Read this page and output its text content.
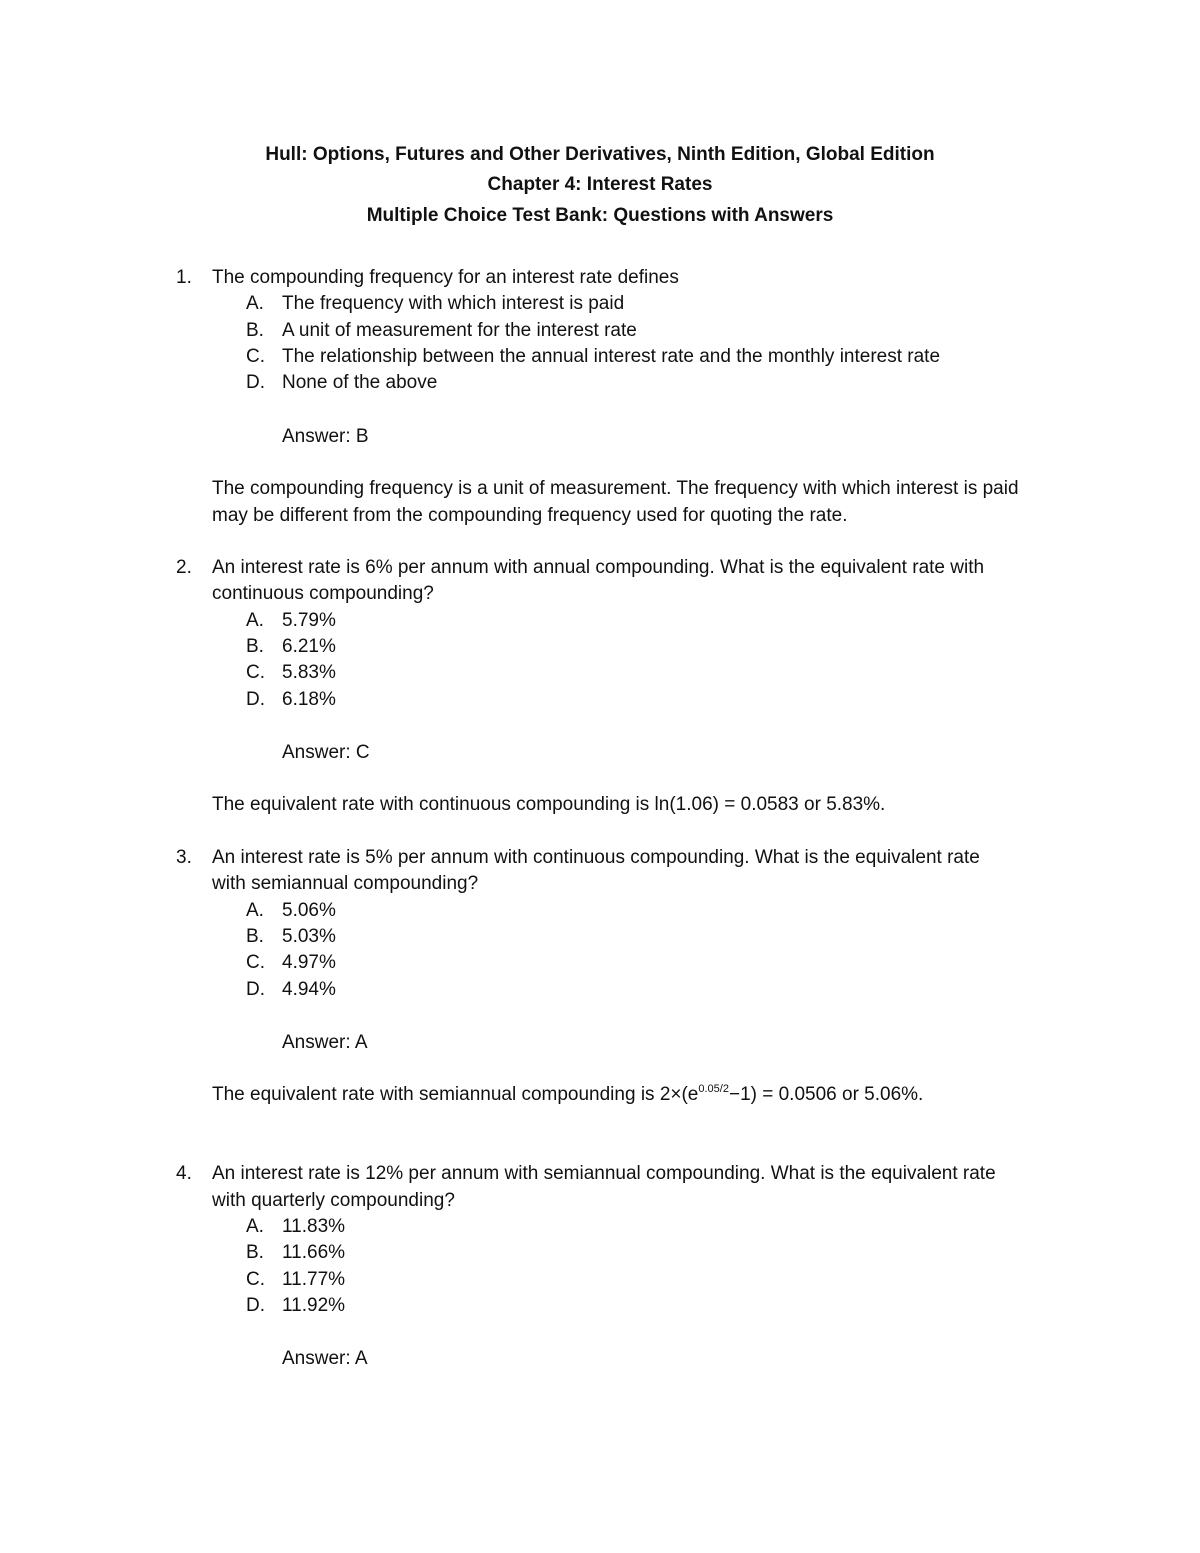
Hull: Options, Futures and Other Derivatives, Ninth Edition, Global Edition
Chapter 4: Interest Rates
Multiple Choice Test Bank: Questions with Answers
1. The compounding frequency for an interest rate defines
A. The frequency with which interest is paid
B. A unit of measurement for the interest rate
C. The relationship between the annual interest rate and the monthly interest rate
D. None of the above
Answer: B
The compounding frequency is a unit of measurement. The frequency with which interest is paid
may be different from the compounding frequency used for quoting the rate.
2. An interest rate is 6% per annum with annual compounding. What is the equivalent rate with
continuous compounding?
A. 5.79%
B. 6.21%
C. 5.83%
D. 6.18%
Answer: C
The equivalent rate with continuous compounding is ln(1.06) = 0.0583 or 5.83%.
3. An interest rate is 5% per annum with continuous compounding. What is the equivalent rate
with semiannual compounding?
A. 5.06%
B. 5.03%
C. 4.97%
D. 4.94%
Answer: A
The equivalent rate with semiannual compounding is $2\times(e^{0.05/2}-1) = 0.0506$ or 5.06%.
4. An interest rate is 12% per annum with semiannual compounding. What is the equivalent rate
with quarterly compounding?
A. 11.83%
B. 11.66%
C. 11.77%
D. 11.92%
Answer: A
